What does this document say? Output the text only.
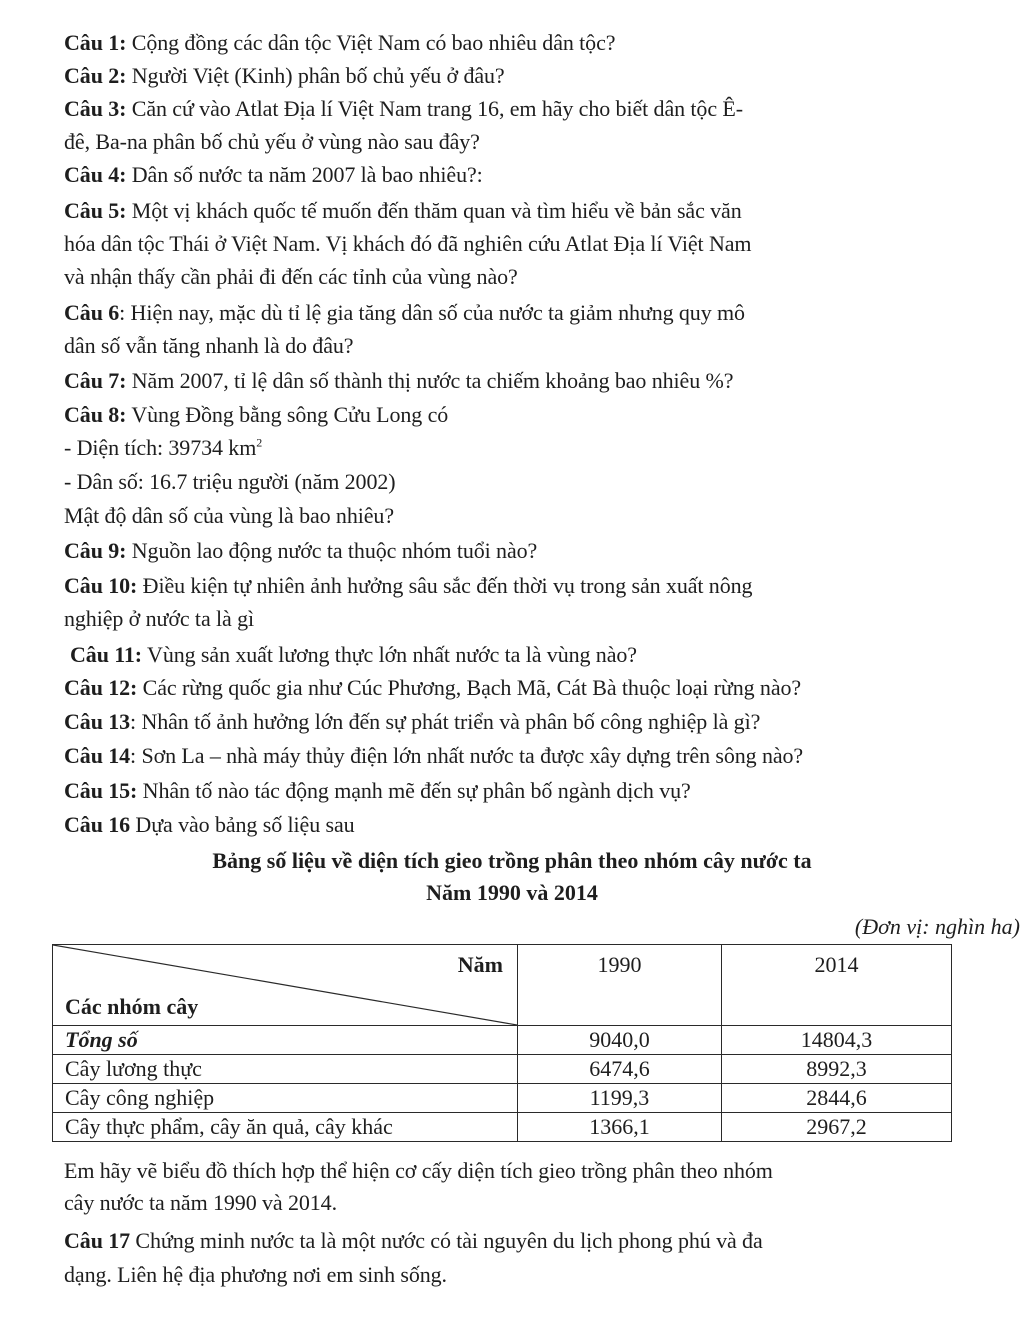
Câu 1: Cộng đồng các dân tộc Việt Nam có bao nhiêu dân tộc?
Câu 2: Người Việt (Kinh) phân bố chủ yếu ở đâu?
Câu 3: Căn cứ vào Atlat Địa lí Việt Nam trang 16, em hãy cho biết dân tộc Ê-
đê, Ba-na phân bố chủ yếu ở vùng nào sau đây?
Câu 4: Dân số nước ta năm 2007 là bao nhiêu?:
Câu 5: Một vị khách quốc tế muốn đến thăm quan và tìm hiểu về bản sắc văn
hóa dân tộc Thái ở Việt Nam. Vị khách đó đã nghiên cứu Atlat Địa lí Việt Nam
và nhận thấy cần phải đi đến các tỉnh của vùng nào?
Câu 6: Hiện nay, mặc dù tỉ lệ gia tăng dân số của nước ta giảm nhưng quy mô
dân số vẫn tăng nhanh là do đâu?
Câu 7: Năm 2007, tỉ lệ dân số thành thị nước ta chiếm khoảng bao nhiêu %?
Câu 8: Vùng Đồng bằng sông Cửu Long có
- Diện tích: 39734 $km^2$
- Dân số: 16.7 triệu người (năm 2002)
Mật độ dân số của vùng là bao nhiêu?
Câu 9: Nguồn lao động nước ta thuộc nhóm tuổi nào?
Câu 10: Điều kiện tự nhiên ảnh hưởng sâu sắc đến thời vụ trong sản xuất nông
nghiệp ở nước ta là gì
Câu 11: Vùng sản xuất lương thực lớn nhất nước ta là vùng nào?
Câu 12: Các rừng quốc gia như Cúc Phương, Bạch Mã, Cát Bà thuộc loại rừng nào?
Câu 13: Nhân tố ảnh hưởng lớn đến sự phát triển và phân bố công nghiệp là gì?
Câu 14: Sơn La – nhà máy thủy điện lớn nhất nước ta được xây dựng trên sông nào?
Câu 15: Nhân tố nào tác động mạnh mẽ đến sự phân bố ngành dịch vụ?
Câu 16 Dựa vào bảng số liệu sau
Bảng số liệu về diện tích gieo trồng phân theo nhóm cây nước ta
Năm 1990 và 2014
(Đơn vị: nghìn ha)
Năm
Các nhóm cây	1990	2014
Tổng số	9040,0	14804,3
Cây lương thực	6474,6	8992,3
Cây công nghiệp	1199,3	2844,6
Cây thực phẩm, cây ăn quả, cây khác	1366,1	2967,2
Em hãy vẽ biểu đồ thích hợp thể hiện cơ cấy diện tích gieo trồng phân theo nhóm
cây nước ta năm 1990 và 2014.
Câu 17 Chứng minh nước ta là một nước có tài nguyên du lịch phong phú và đa
dạng. Liên hệ địa phương nơi em sinh sống.
